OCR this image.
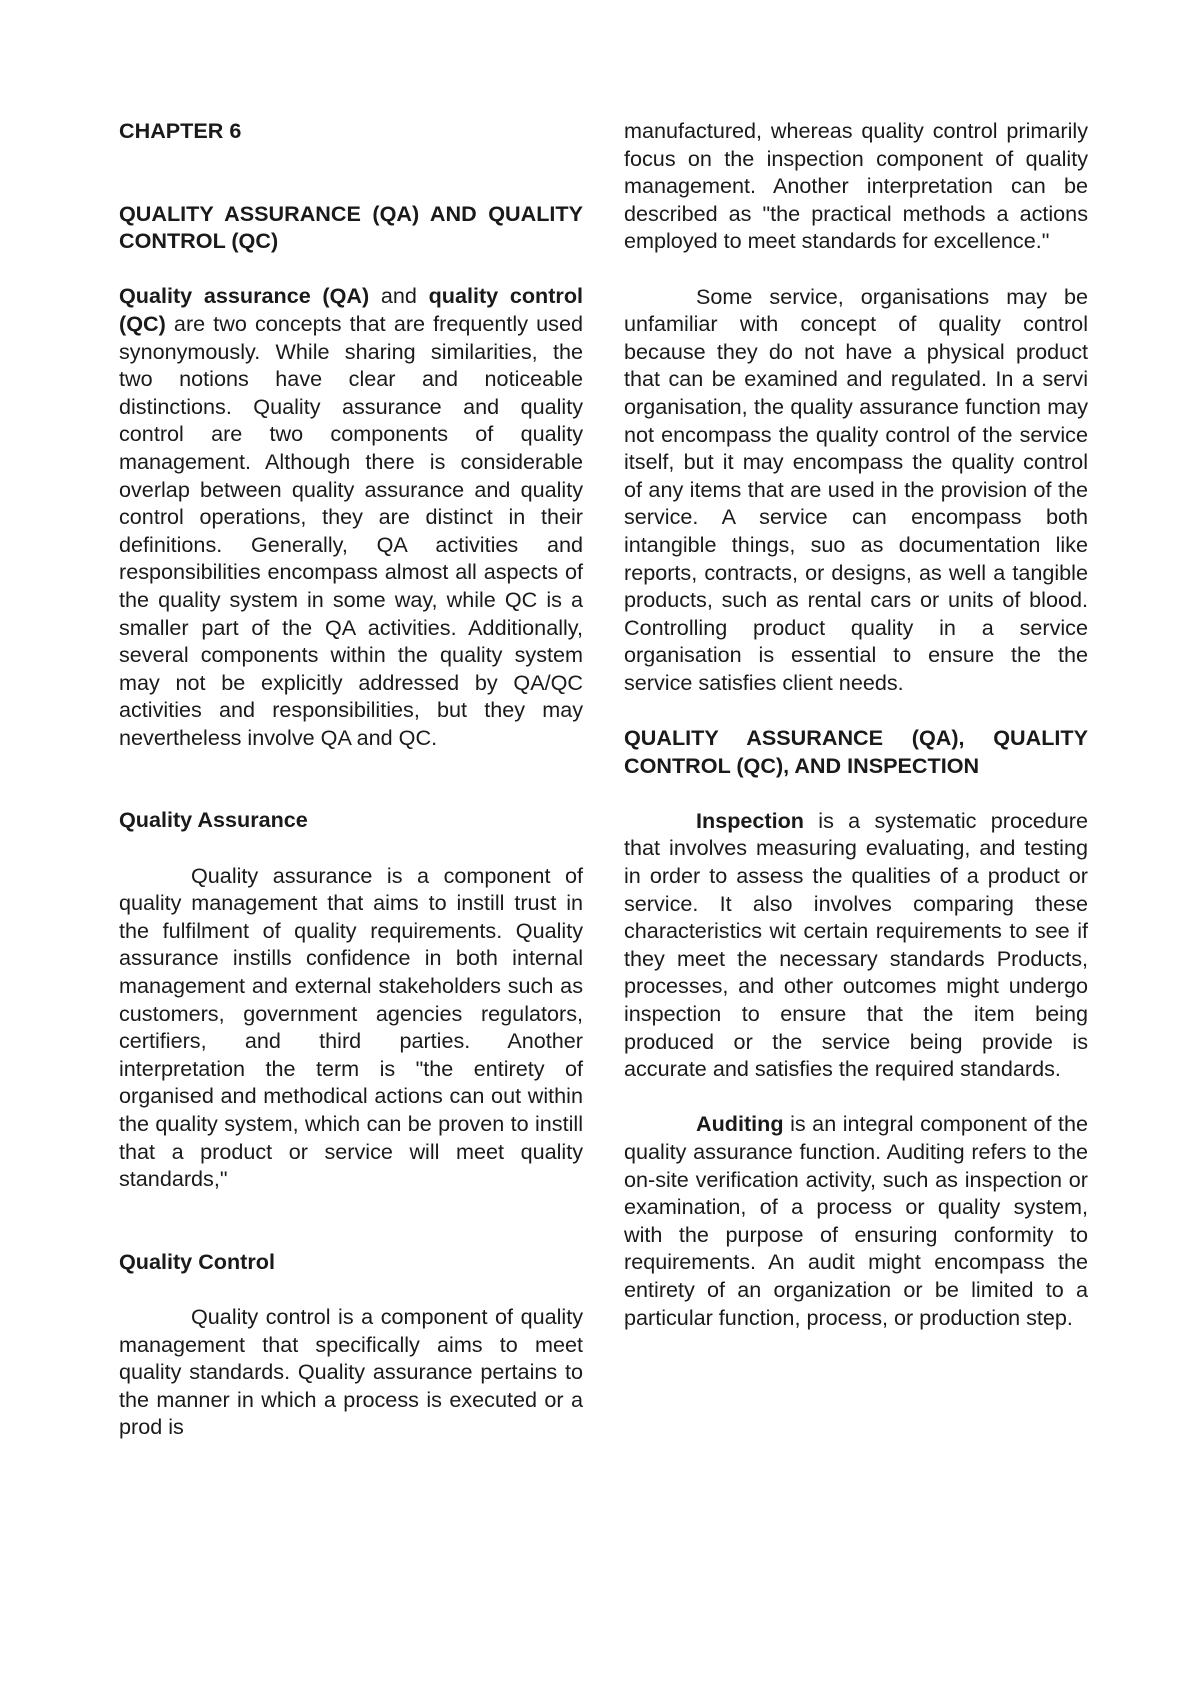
CHAPTER 6

QUALITY ASSURANCE (QA) AND QUALITY CONTROL (QC)

Quality assurance (QA) and quality control (QC) are two concepts that are frequently used synonymously. While sharing similarities, the two notions have clear and noticeable distinctions. Quality assurance and quality control are two components of quality management. Although there is considerable overlap between quality assurance and quality control operations, they are distinct in their definitions. Generally, QA activities and responsibilities encompass almost all aspects of the quality system in some way, while QC is a smaller part of the QA activities. Additionally, several components within the quality system may not be explicitly addressed by QA/QC activities and responsibilities, but they may nevertheless involve QA and QC.

Quality Assurance

Quality assurance is a component of quality management that aims to instill trust in the fulfilment of quality requirements. Quality assurance instills confidence in both internal management and external stakeholders such as customers, government agencies regulators, certifiers, and third parties. Another interpretation the term is "the entirety of organised and methodical actions can out within the quality system, which can be proven to instill that a product or service will meet quality standards,"

Quality Control

Quality control is a component of quality management that specifically aims to meet quality standards. Quality assurance pertains to the manner in which a process is executed or a prod is

manufactured, whereas quality control primarily focus on the inspection component of quality management. Another interpretation can be described as "the practical methods a actions employed to meet standards for excellence."

Some service, organisations may be unfamiliar with concept of quality control because they do not have a physical product that can be examined and regulated. In a servi organisation, the quality assurance function may not encompass the quality control of the service itself, but it may encompass the quality control of any items that are used in the provision of the service. A service can encompass both intangible things, suo as documentation like reports, contracts, or designs, as well a tangible products, such as rental cars or units of blood. Controlling product quality in a service organisation is essential to ensure the the service satisfies client needs.

QUALITY ASSURANCE (QA), QUALITY CONTROL (QC), AND INSPECTION

Inspection is a systematic procedure that involves measuring evaluating, and testing in order to assess the qualities of a product or service. It also involves comparing these characteristics wit certain requirements to see if they meet the necessary standards Products, processes, and other outcomes might undergo inspection to ensure that the item being produced or the service being provide is accurate and satisfies the required standards.

Auditing is an integral component of the quality assurance function. Auditing refers to the on-site verification activity, such as inspection or examination, of a process or quality system, with the purpose of ensuring conformity to requirements. An audit might encompass the entirety of an organization or be limited to a particular function, process, or production step.
